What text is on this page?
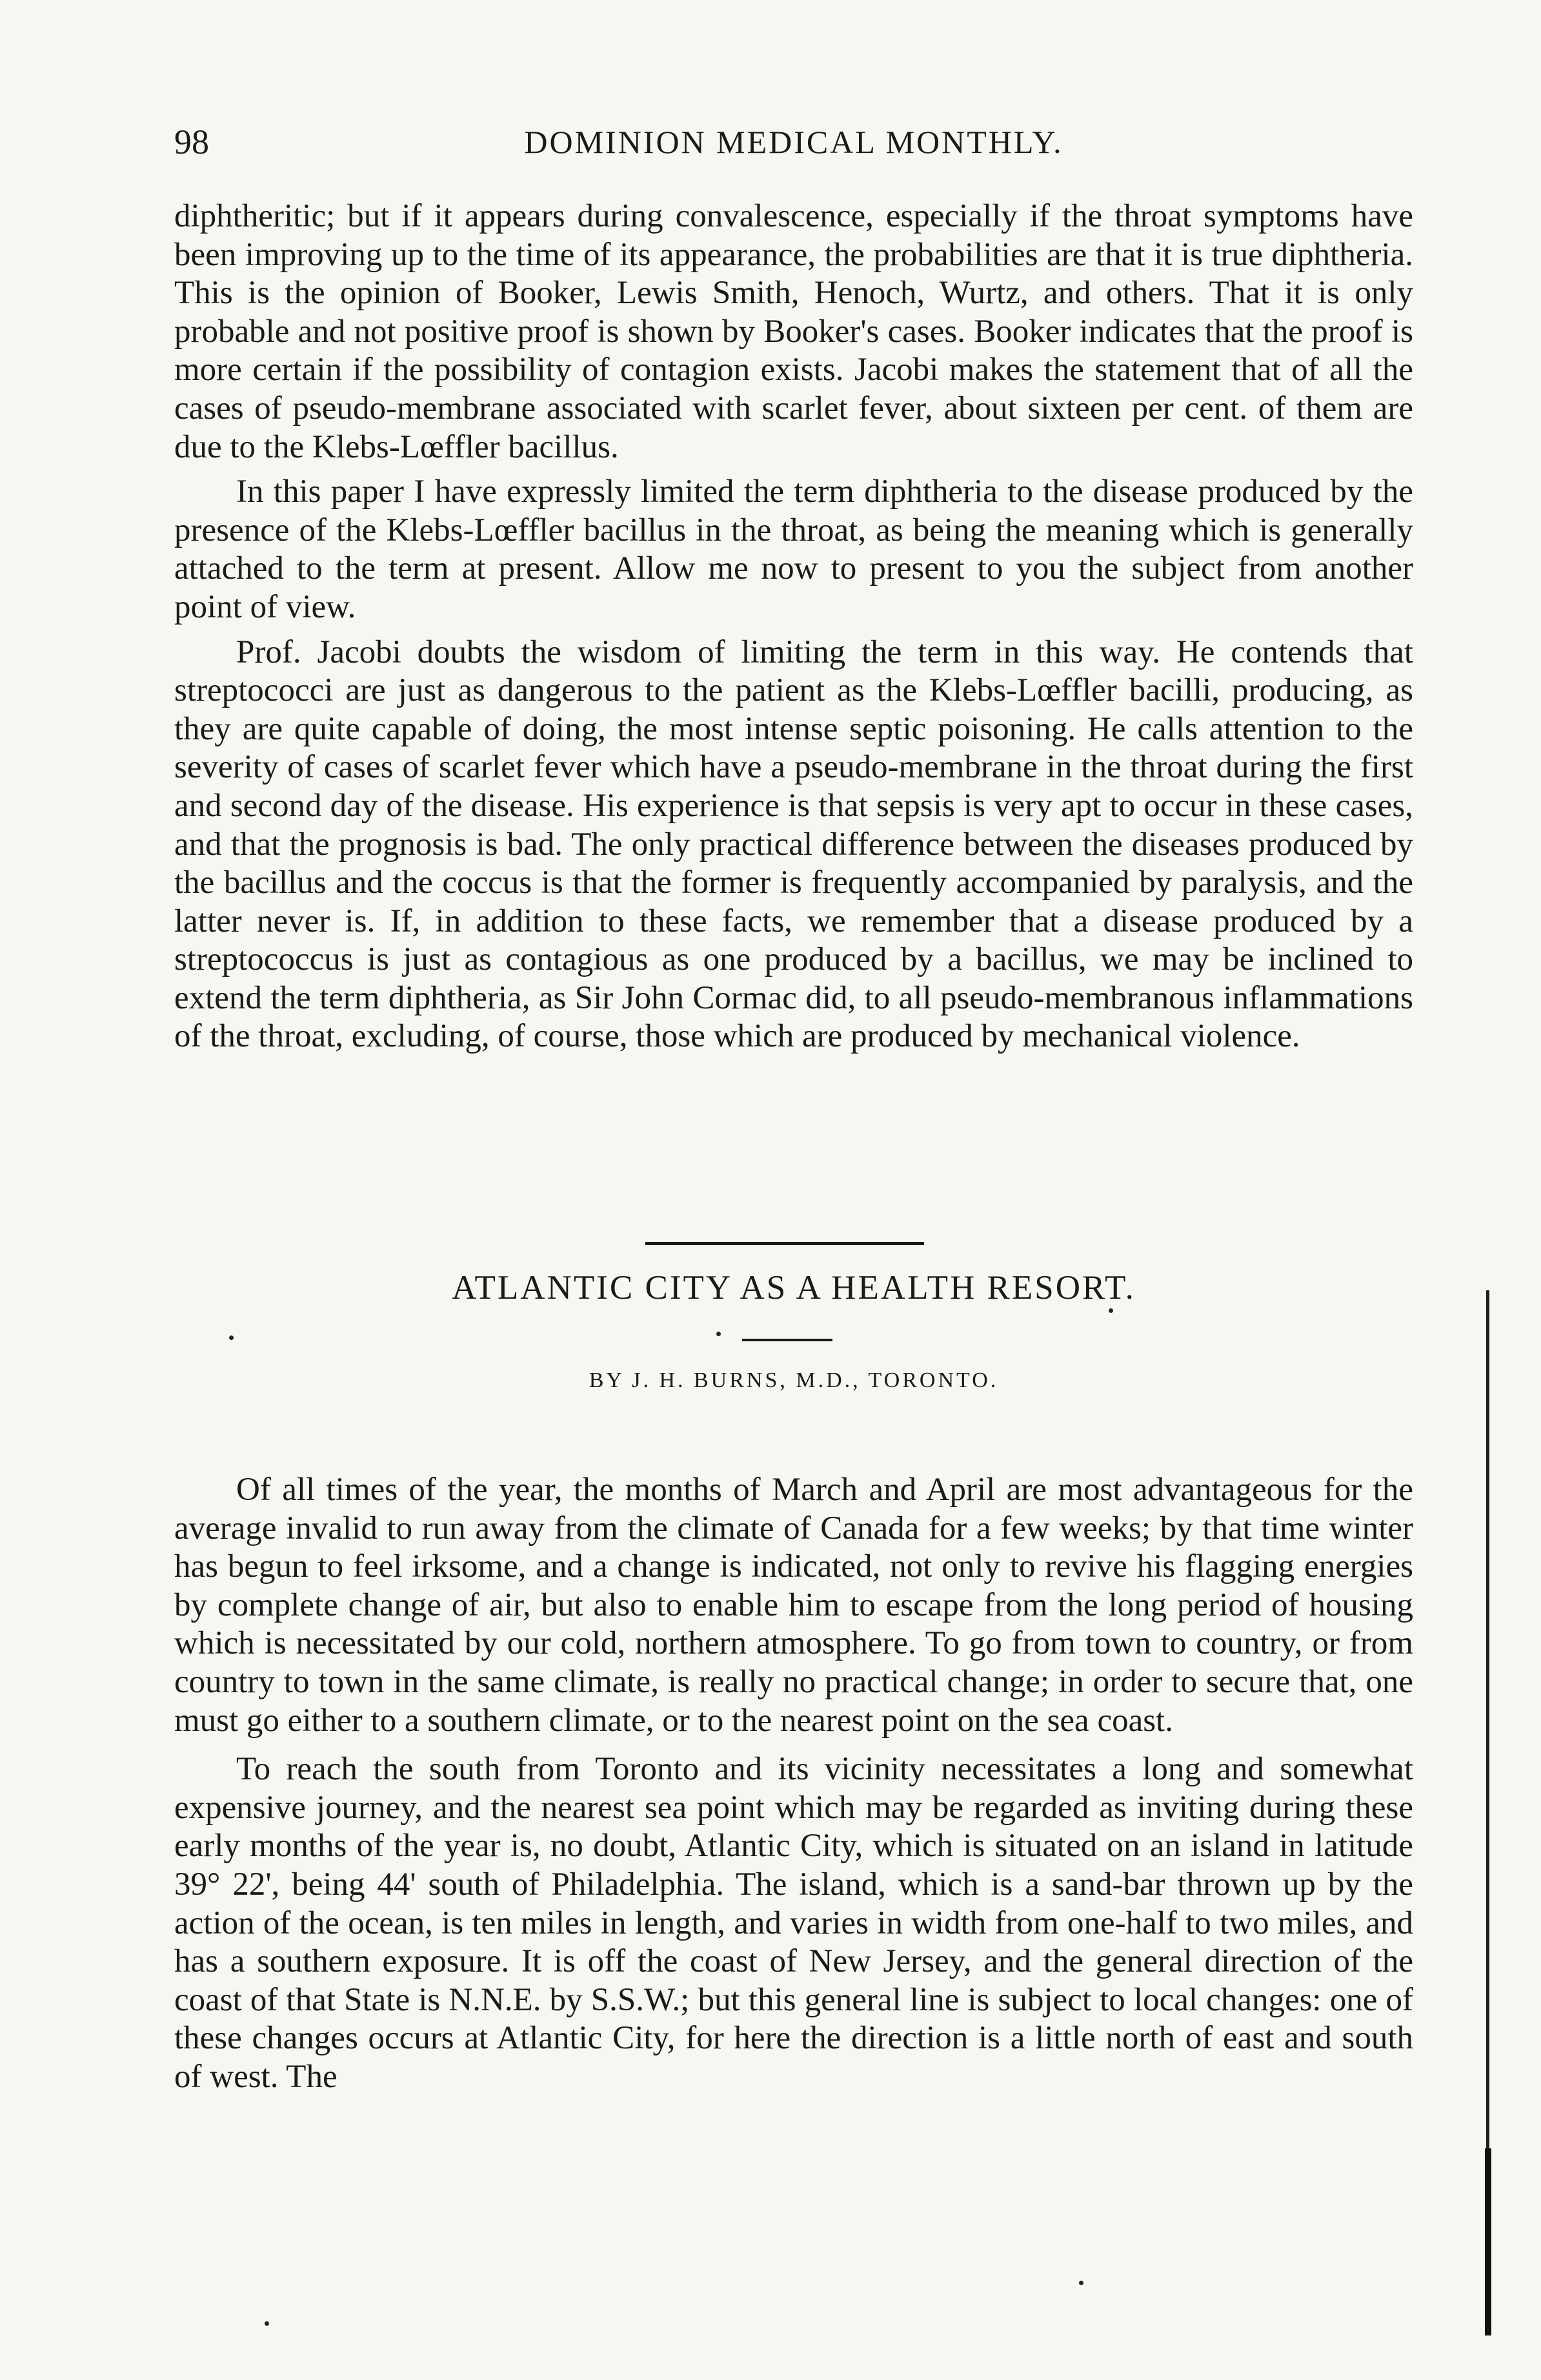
98	DOMINION MEDICAL MONTHLY.

diphtheritic; but if it appears during convalescence, especially if the throat symptoms have been improving up to the time of its appearance, the probabilities are that it is true diphtheria. This is the opinion of Booker, Lewis Smith, Henoch, Wurtz, and others. That it is only probable and not positive proof is shown by Booker's cases. Booker indicates that the proof is more certain if the possibility of contagion exists. Jacobi makes the statement that of all the cases of pseudo-membrane associated with scarlet fever, about sixteen per cent. of them are due to the Klebs-Lœffler bacillus.

In this paper I have expressly limited the term diphtheria to the disease produced by the presence of the Klebs-Lœffler bacillus in the throat, as being the meaning which is generally attached to the term at present. Allow me now to present to you the subject from another point of view.

Prof. Jacobi doubts the wisdom of limiting the term in this way. He contends that streptococci are just as dangerous to the patient as the Klebs-Lœffler bacilli, producing, as they are quite capable of doing, the most intense septic poisoning. He calls attention to the severity of cases of scarlet fever which have a pseudo-membrane in the throat during the first and second day of the disease. His experience is that sepsis is very apt to occur in these cases, and that the prognosis is bad. The only practical difference between the diseases produced by the bacillus and the coccus is that the former is frequently accompanied by paralysis, and the latter never is. If, in addition to these facts, we remember that a disease produced by a streptococcus is just as contagious as one produced by a bacillus, we may be inclined to extend the term diphtheria, as Sir John Cormac did, to all pseudo-membranous inflammations of the throat, excluding, of course, those which are produced by mechanical violence.

ATLANTIC CITY AS A HEALTH RESORT.
BY J. H. BURNS, M.D., TORONTO.

Of all times of the year, the months of March and April are most advantageous for the average invalid to run away from the climate of Canada for a few weeks; by that time winter has begun to feel irksome, and a change is indicated, not only to revive his flagging energies by complete change of air, but also to enable him to escape from the long period of housing which is necessitated by our cold, northern atmosphere. To go from town to country, or from country to town in the same climate, is really no practical change; in order to secure that, one must go either to a southern climate, or to the nearest point on the sea coast.

To reach the south from Toronto and its vicinity necessitates a long and somewhat expensive journey, and the nearest sea point which may be regarded as inviting during these early months of the year is, no doubt, Atlantic City, which is situated on an island in latitude 39° 22', being 44' south of Philadelphia. The island, which is a sand-bar thrown up by the action of the ocean, is ten miles in length, and varies in width from one-half to two miles, and has a southern exposure. It is off the coast of New Jersey, and the general direction of the coast of that State is N.N.E. by S.S.W.; but this general line is subject to local changes: one of these changes occurs at Atlantic City, for here the direction is a little north of east and south of west. The
